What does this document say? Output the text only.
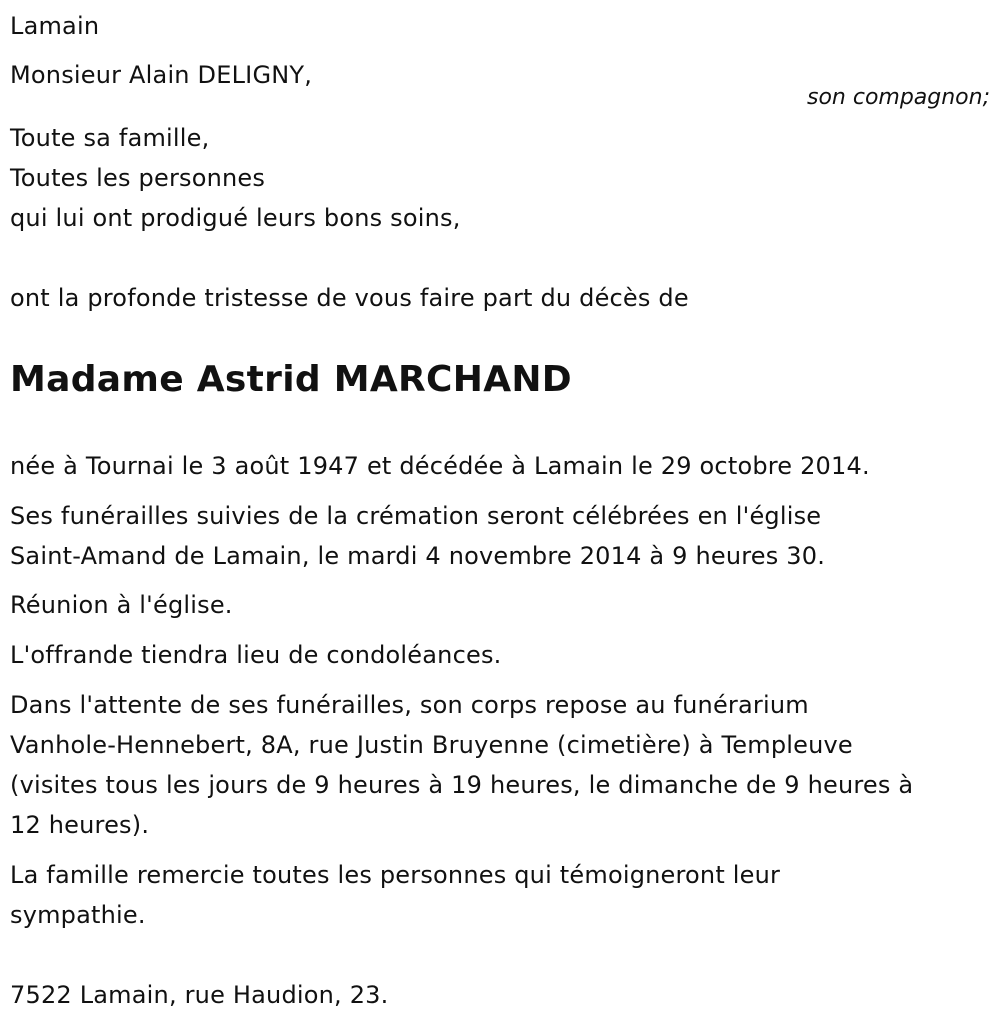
Lamain
Monsieur Alain DELIGNY,
son compagnon;
Toute sa famille,
Toutes les personnes
qui lui ont prodigué leurs bons soins,
ont la profonde tristesse de vous faire part du décès de
Madame Astrid MARCHAND
née à Tournai le 3 août 1947 et décédée à Lamain le 29 octobre 2014.
Ses funérailles suivies de la crémation seront célébrées en l'église
Saint-Amand de Lamain, le mardi 4 novembre 2014 à 9 heures 30.
Réunion à l'église.
L'offrande tiendra lieu de condoléances.
Dans l'attente de ses funérailles, son corps repose au funérarium
Vanhole-Hennebert, 8A, rue Justin Bruyenne (cimetière) à Templeuve
(visites tous les jours de 9 heures à 19 heures, le dimanche de 9 heures à
12 heures).
La famille remercie toutes les personnes qui témoigneront leur
sympathie.
7522 Lamain, rue Haudion, 23.
